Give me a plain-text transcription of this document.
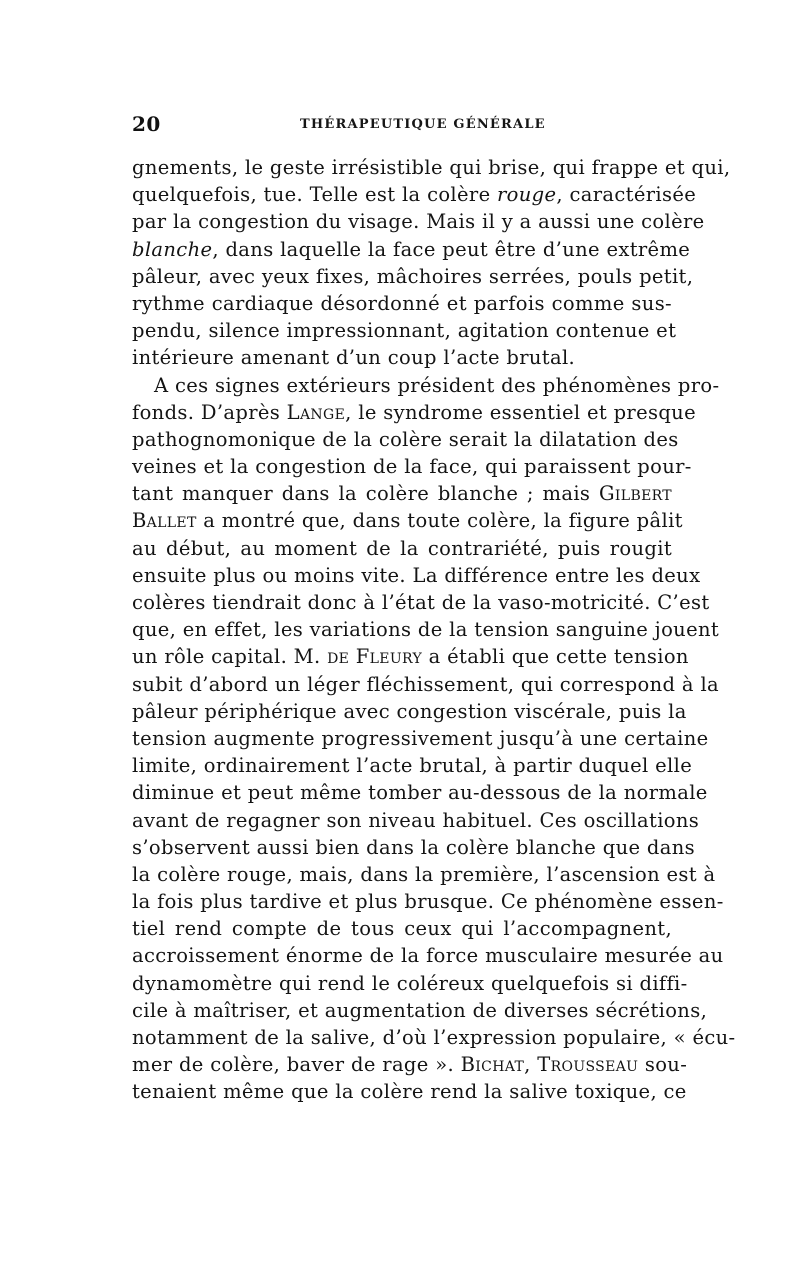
20	THÉRAPEUTIQUE GÉNÉRALE
gnements, le geste irrésistible qui brise, qui frappe et qui,
quelquefois, tue. Telle est la colère rouge, caractérisée
par la congestion du visage. Mais il y a aussi une colère
blanche, dans laquelle la face peut être d’une extrême
pâleur, avec yeux fixes, mâchoires serrées, pouls petit,
rythme cardiaque désordonné et parfois comme sus-
pendu, silence impressionnant, agitation contenue et
intérieure amenant d’un coup l’acte brutal.
A ces signes extérieurs président des phénomènes pro-
fonds. D’après Lange, le syndrome essentiel et presque
pathognomonique de la colère serait la dilatation des
veines et la congestion de la face, qui paraissent pour-
tant manquer dans la colère blanche ; mais Gilbert
Ballet a montré que, dans toute colère, la figure pâlit
au début, au moment de la contrariété, puis rougit
ensuite plus ou moins vite. La différence entre les deux
colères tiendrait donc à l’état de la vaso-motricité. C’est
que, en effet, les variations de la tension sanguine jouent
un rôle capital. M. de Fleury a établi que cette tension
subit d’abord un léger fléchissement, qui correspond à la
pâleur périphérique avec congestion viscérale, puis la
tension augmente progressivement jusqu’à une certaine
limite, ordinairement l’acte brutal, à partir duquel elle
diminue et peut même tomber au-dessous de la normale
avant de regagner son niveau habituel. Ces oscillations
s’observent aussi bien dans la colère blanche que dans
la colère rouge, mais, dans la première, l’ascension est à
la fois plus tardive et plus brusque. Ce phénomène essen-
tiel rend compte de tous ceux qui l’accompagnent,
accroissement énorme de la force musculaire mesurée au
dynamomètre qui rend le coléreux quelquefois si diffi-
cile à maîtriser, et augmentation de diverses sécrétions,
notamment de la salive, d’où l’expression populaire, « écu-
mer de colère, baver de rage ». Bichat, Trousseau sou-
tenaient même que la colère rend la salive toxique, ce
